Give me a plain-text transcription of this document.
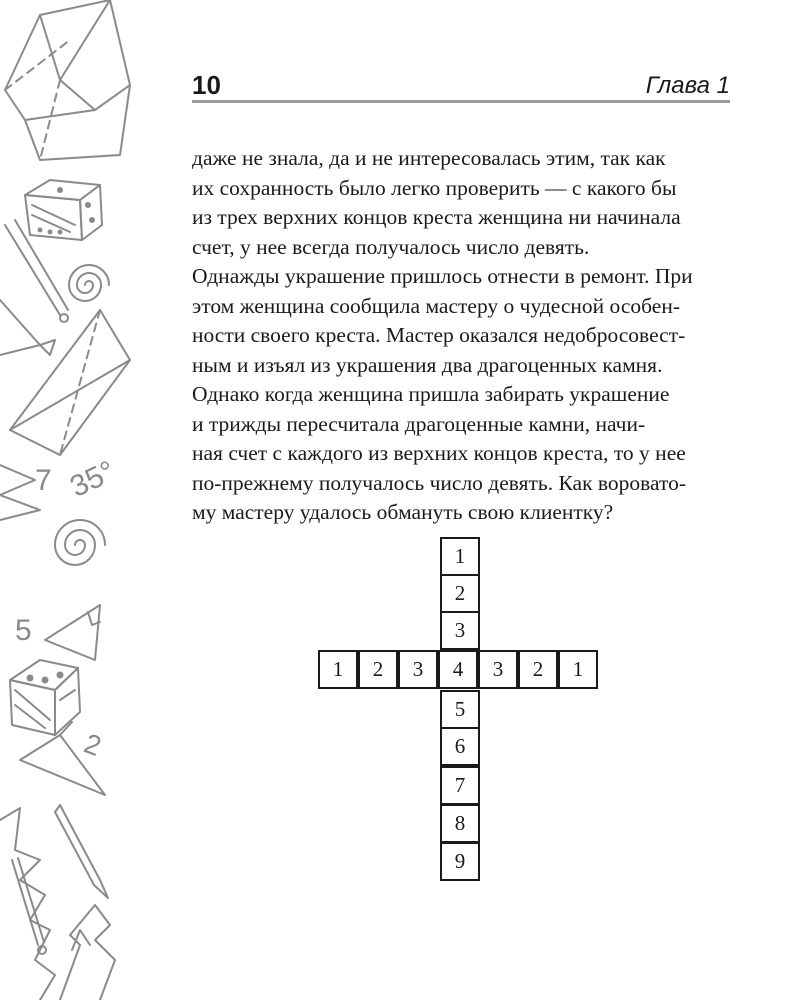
7 35°
5
2
10	Глава 1

даже не знала, да и не интересовалась этим, так как
их сохранность было легко проверить — с какого бы
из трех верхних концов креста женщина ни начинала
счет, у нее всегда получалось число девять.

Однажды украшение пришлось отнести в ремонт. При
этом женщина сообщила мастеру о чудесной особен-
ности своего креста. Мастер оказался недобросовест-
ным и изъял из украшения два драгоценных камня.
Однако когда женщина пришла забирать украшение
и трижды пересчитала драгоценные камни, начи-
ная счет с каждого из верхних концов креста, то у нее
по-прежнему получалось число девять. Как воровато-
му мастеру удалось обмануть свою клиентку?

1
2
3
1	2	3	4	3	2	1
5
6
7
8
9
